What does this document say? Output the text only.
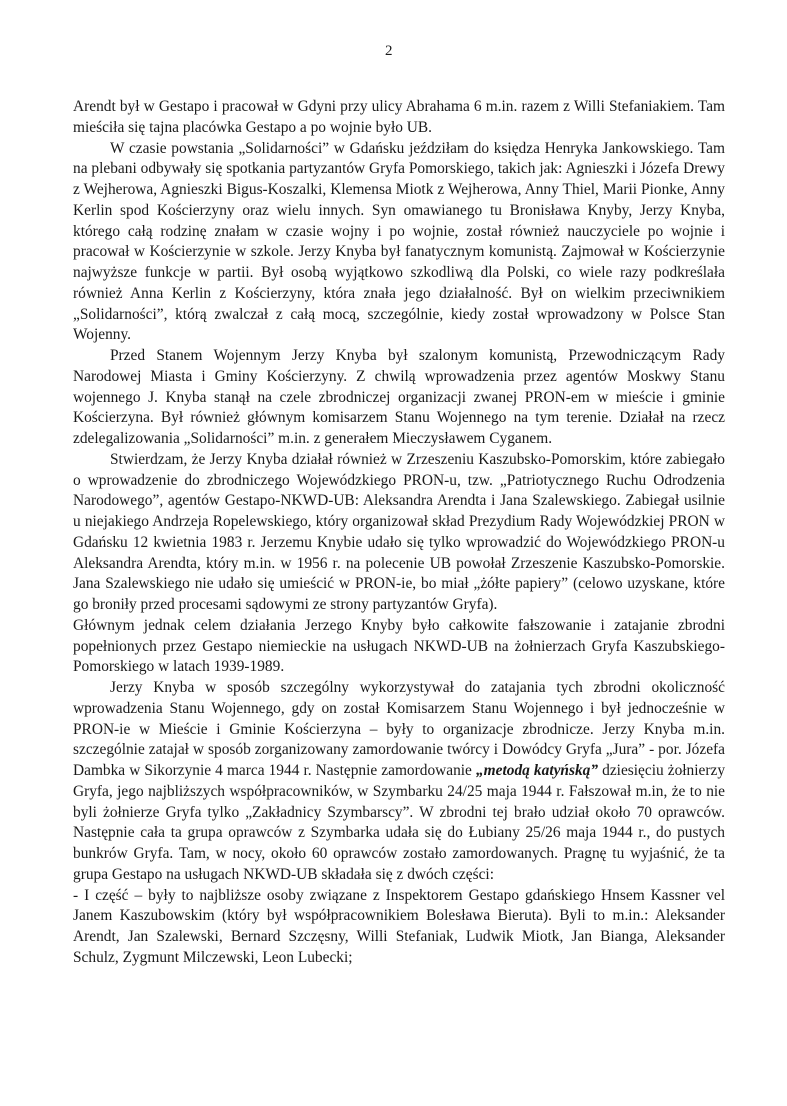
2

Arendt był w Gestapo i pracował w Gdyni przy ulicy Abrahama 6 m.in. razem z Willi Stefaniakiem. Tam mieściła się tajna placówka Gestapo a po wojnie było UB.

W czasie powstania „Solidarności” w Gdańsku jeździłam do księdza Henryka Jankowskiego. Tam na plebani odbywały się spotkania partyzantów Gryfa Pomorskiego, takich jak: Agnieszki i Józefa Drewy z Wejherowa, Agnieszki Bigus-Koszalki, Klemensa Miotk z Wejherowa, Anny Thiel, Marii Pionke, Anny Kerlin spod Kościerzyny oraz wielu innych. Syn omawianego tu Bronisława Knyby, Jerzy Knyba, którego całą rodzinę znałam w czasie wojny i po wojnie, został również nauczyciele po wojnie i pracował w Kościerzynie w szkole. Jerzy Knyba był fanatycznym komunistą. Zajmował w Kościerzynie najwyższe funkcje w partii. Był osobą wyjątkowo szkodliwą dla Polski, co wiele razy podkreślała również Anna Kerlin z Kościerzyny, która znała jego działalność. Był on wielkim przeciwnikiem „Solidarności”, którą zwalczał z całą mocą, szczególnie, kiedy został wprowadzony w Polsce Stan Wojenny.

Przed Stanem Wojennym Jerzy Knyba był szalonym komunistą, Przewodniczącym Rady Narodowej Miasta i Gminy Kościerzyny. Z chwilą wprowadzenia przez agentów Moskwy Stanu wojennego J. Knyba stanął na czele zbrodniczej organizacji zwanej PRON-em w mieście i gminie Kościerzyna. Był również głównym komisarzem Stanu Wojennego na tym terenie. Działał na rzecz zdelegalizowania „Solidarności” m.in. z generałem Mieczysławem Cyganem.

Stwierdzam, że Jerzy Knyba działał również w Zrzeszeniu Kaszubsko-Pomorskim, które zabiegało o wprowadzenie do zbrodniczego Wojewódzkiego PRON-u, tzw. „Patriotycznego Ruchu Odrodzenia Narodowego”, agentów Gestapo-NKWD-UB: Aleksandra Arendta i Jana Szalewskiego. Zabiegał usilnie u niejakiego Andrzeja Ropelewskiego, który organizował skład Prezydium Rady Wojewódzkiej PRON w Gdańsku 12 kwietnia 1983 r. Jerzemu Knybie udało się tylko wprowadzić do Wojewódzkiego PRON-u Aleksandra Arendta, który m.in. w 1956 r. na polecenie UB powołał Zrzeszenie Kaszubsko-Pomorskie. Jana Szalewskiego nie udało się umieścić w PRON-ie, bo miał „żółte papiery” (celowo uzyskane, które go broniły przed procesami sądowymi ze strony partyzantów Gryfa).

Głównym jednak celem działania Jerzego Knyby było całkowite fałszowanie i zatajanie zbrodni popełnionych przez Gestapo niemieckie na usługach NKWD-UB na żołnierzach Gryfa Kaszubskiego-Pomorskiego w latach 1939-1989.

Jerzy Knyba w sposób szczególny wykorzystywał do zatajania tych zbrodni okoliczność wprowadzenia Stanu Wojennego, gdy on został Komisarzem Stanu Wojennego i był jednocześnie w PRON-ie w Mieście i Gminie Kościerzyna – były to organizacje zbrodnicze. Jerzy Knyba m.in. szczególnie zatajał w sposób zorganizowany zamordowanie twórcy i Dowódcy Gryfa „Jura” - por. Józefa Dambka w Sikorzynie 4 marca 1944 r. Następnie zamordowanie „metodą katyńską” dziesięciu żołnierzy Gryfa, jego najbliższych współpracowników, w Szymbarku 24/25 maja 1944 r. Fałszował m.in, że to nie byli żołnierze Gryfa tylko „Zakładnicy Szymbarscy”. W zbrodni tej brało udział około 70 oprawców. Następnie cała ta grupa oprawców z Szymbarka udała się do Łubiany 25/26 maja 1944 r., do pustych bunkrów Gryfa. Tam, w nocy, około 60 oprawców zostało zamordowanych. Pragnę tu wyjaśnić, że ta grupa Gestapo na usługach NKWD-UB składała się z dwóch części:

- I część – były to najbliższe osoby związane z Inspektorem Gestapo gdańskiego Hnsem Kassner vel Janem Kaszubowskim (który był współpracownikiem Bolesława Bieruta). Byli to m.in.: Aleksander Arendt, Jan Szalewski, Bernard Szczęsny, Willi Stefaniak, Ludwik Miotk, Jan Bianga, Aleksander Schulz, Zygmunt Milczewski, Leon Lubecki;
